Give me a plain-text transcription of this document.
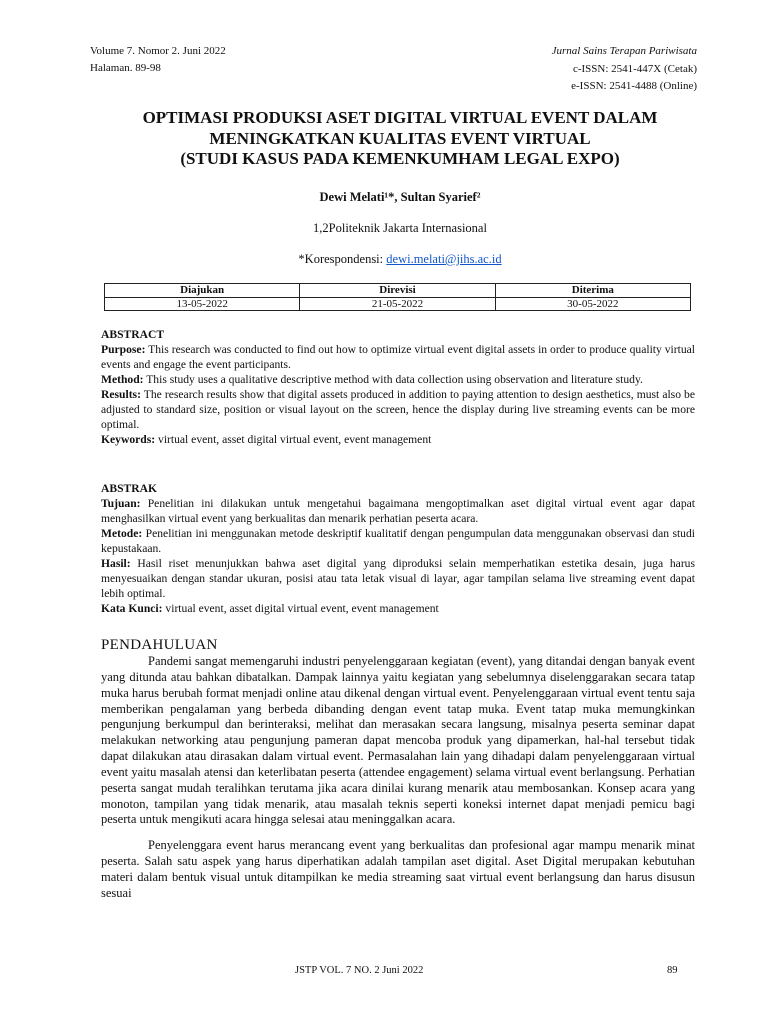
Volume 7. Nomor 2. Juni 2022
Halaman. 89-98
Jurnal Sains Terapan Pariwisata
c-ISSN: 2541-447X (Cetak)
e-ISSN: 2541-4488 (Online)
OPTIMASI PRODUKSI ASET DIGITAL VIRTUAL EVENT DALAM
MENINGKATKAN KUALITAS EVENT VIRTUAL
(STUDI KASUS PADA KEMENKUMHAM LEGAL EXPO)
Dewi Melati¹*, Sultan Syarief²
1,2Politeknik Jakarta Internasional
*Korespondensi: dewi.melati@jihs.ac.id
Diajukan	Direvisi	Diterima
13-05-2022	21-05-2022	30-05-2022

ABSTRACT

Purpose: This research was conducted to find out how to optimize virtual event digital assets in order to produce quality virtual events and engage the event participants.

Method: This study uses a qualitative descriptive method with data collection using observation and literature study.

Results: The research results show that digital assets produced in addition to paying attention to design aesthetics, must also be adjusted to standard size, position or visual layout on the screen, hence the display during live streaming events can be more optimal.

Keywords: virtual event, asset digital virtual event, event management

ABSTRAK

Tujuan: Penelitian ini dilakukan untuk mengetahui bagaimana mengoptimalkan aset digital virtual event agar dapat menghasilkan virtual event yang berkualitas dan menarik perhatian peserta acara.

Metode: Penelitian ini menggunakan metode deskriptif kualitatif dengan pengumpulan data menggunakan observasi dan studi kepustakaan.

Hasil: Hasil riset menunjukkan bahwa aset digital yang diproduksi selain memperhatikan estetika desain, juga harus menyesuaikan dengan standar ukuran, posisi atau tata letak visual di layar, agar tampilan selama live streaming event dapat lebih optimal.

Kata Kunci: virtual event, asset digital virtual event, event management

PENDAHULUAN

Pandemi sangat memengaruhi industri penyelenggaraan kegiatan (event), yang ditandai dengan banyak event yang ditunda atau bahkan dibatalkan. Dampak lainnya yaitu kegiatan yang sebelumnya diselenggarakan secara tatap muka harus berubah format menjadi online atau dikenal dengan virtual event. Penyelenggaraan virtual event tentu saja memberikan pengalaman yang berbeda dibanding dengan event tatap muka. Event tatap muka memungkinkan pengunjung berkumpul dan berinteraksi, melihat dan merasakan secara langsung, misalnya peserta seminar dapat melakukan networking atau pengunjung pameran dapat mencoba produk yang dipamerkan, hal-hal tersebut tidak dapat dilakukan atau dirasakan dalam virtual event. Permasalahan lain yang dihadapi dalam penyelenggaraan virtual event yaitu masalah atensi dan keterlibatan peserta (attendee engagement) selama virtual event berlangsung. Perhatian peserta sangat mudah teralihkan terutama jika acara dinilai kurang menarik atau membosankan. Konsep acara yang monoton, tampilan yang tidak menarik, atau masalah teknis seperti koneksi internet dapat menjadi pemicu bagi peserta untuk mengikuti acara hingga selesai atau meninggalkan acara.

Penyelenggara event harus merancang event yang berkualitas dan profesional agar mampu menarik minat peserta. Salah satu aspek yang harus diperhatikan adalah tampilan aset digital. Aset Digital merupakan kebutuhan materi dalam bentuk visual untuk ditampilkan ke media streaming saat virtual event berlangsung dan harus disusun sesuai

JSTP VOL. 7 NO. 2 Juni 2022	89
